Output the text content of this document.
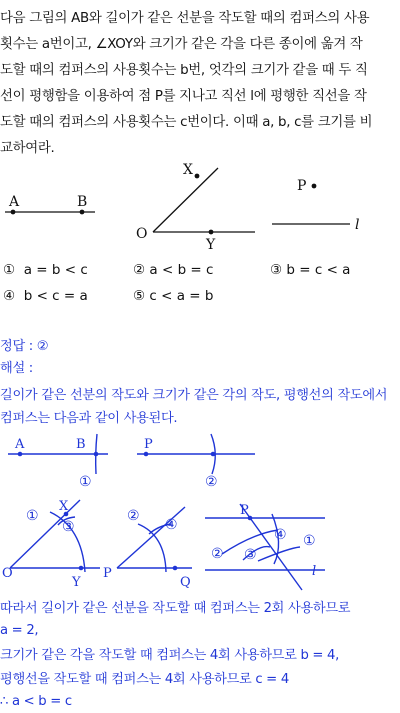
다음 그림의 AB와 길이가 같은 선분을 작도할 때의 컴퍼스의 사용
횟수는 a번이고, ∠XOY와 크기가 같은 각을 다른 종이에 옮겨 작
도할 때의 컴퍼스의 사용횟수는 b번, 엇각의 크기가 같을 때 두 직
선이 평행함을 이용하여 점 P를 지나고 직선 l에 평행한 직선을 작
도할 때의 컴퍼스의 사용횟수는 c번이다. 이때 a, b, c를 크기를 비
교하여라.
A	B
X
O
Y
P
l
① a = b < c	② a < b = c	③ b = c < a
④ b < c = a	⑤ c < a = b
정답 : ②
해설 :
길이가 같은 선분의 작도와 크기가 같은 각의 작도, 평행선의 작도에서
컴퍼스는 다음과 같이 사용된다.
A	B	P
X
O
Y
P
Q
P
l
①	②
①
③
②
④
② ③
④ ①
따라서 길이가 같은 선분을 작도할 때 컴퍼스는 2회 사용하므로
a = 2,
크기가 같은 각을 작도할 때 컴퍼스는 4회 사용하므로 b = 4,
평행선을 작도할 때 컴퍼스는 4회 사용하므로 c = 4
∴ a < b = c
